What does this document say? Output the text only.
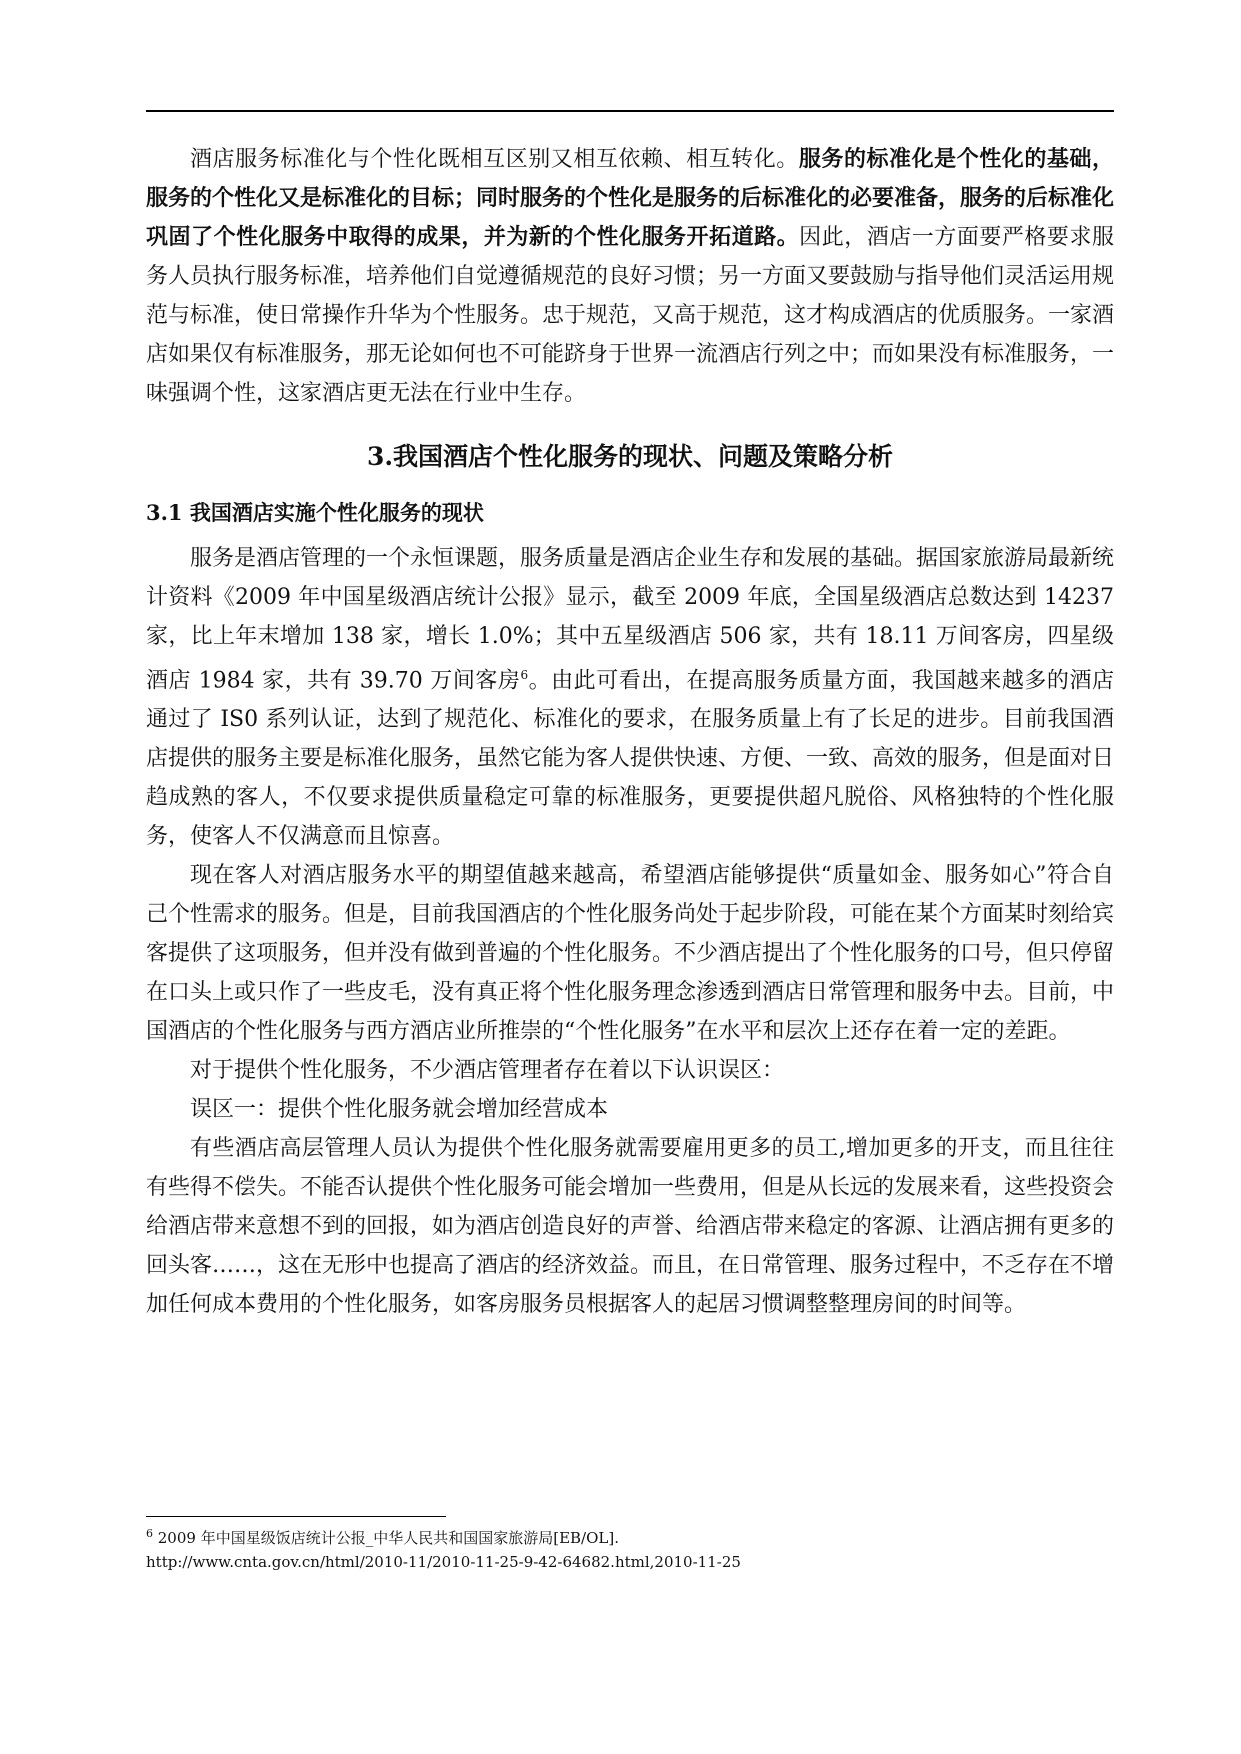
酒店服务标准化与个性化既相互区别又相互依赖、相互转化。服务的标准化是个性化的基础，服务的个性化又是标准化的目标；同时服务的个性化是服务的后标准化的必要准备，服务的后标准化巩固了个性化服务中取得的成果，并为新的个性化服务开拓道路。因此，酒店一方面要严格要求服务人员执行服务标准，培养他们自觉遵循规范的良好习惯；另一方面又要鼓励与指导他们灵活运用规范与标准，使日常操作升华为个性服务。忠于规范，又高于规范，这才构成酒店的优质服务。一家酒店如果仅有标准服务，那无论如何也不可能跻身于世界一流酒店行列之中；而如果没有标准服务，一味强调个性，这家酒店更无法在行业中生存。

3.我国酒店个性化服务的现状、问题及策略分析
3.1 我国酒店实施个性化服务的现状

服务是酒店管理的一个永恒课题，服务质量是酒店企业生存和发展的基础。据国家旅游局最新统计资料《2009 年中国星级酒店统计公报》显示，截至 2009 年底，全国星级酒店总数达到 14237 家，比上年末增加 138 家，增长 1.0%；其中五星级酒店 506 家，共有 18.11 万间客房，四星级酒店 1984 家，共有 39.70 万间客房$^6$。由此可看出，在提高服务质量方面，我国越来越多的酒店通过了 IS0 系列认证，达到了规范化、标准化的要求，在服务质量上有了长足的进步。目前我国酒店提供的服务主要是标准化服务，虽然它能为客人提供快速、方便、一致、高效的服务，但是面对日趋成熟的客人，不仅要求提供质量稳定可靠的标准服务，更要提供超凡脱俗、风格独特的个性化服务，使客人不仅满意而且惊喜。

现在客人对酒店服务水平的期望值越来越高，希望酒店能够提供“质量如金、服务如心”符合自己个性需求的服务。但是，目前我国酒店的个性化服务尚处于起步阶段，可能在某个方面某时刻给宾客提供了这项服务，但并没有做到普遍的个性化服务。不少酒店提出了个性化服务的口号，但只停留在口头上或只作了一些皮毛，没有真正将个性化服务理念渗透到酒店日常管理和服务中去。目前，中国酒店的个性化服务与西方酒店业所推崇的“个性化服务”在水平和层次上还存在着一定的差距。

对于提供个性化服务，不少酒店管理者存在着以下认识误区：

误区一：提供个性化服务就会增加经营成本

有些酒店高层管理人员认为提供个性化服务就需要雇用更多的员工,增加更多的开支，而且往往有些得不偿失。不能否认提供个性化服务可能会增加一些费用，但是从长远的发展来看，这些投资会给酒店带来意想不到的回报，如为酒店创造良好的声誉、给酒店带来稳定的客源、让酒店拥有更多的回头客……，这在无形中也提高了酒店的经济效益。而且，在日常管理、服务过程中，不乏存在不增加任何成本费用的个性化服务，如客房服务员根据客人的起居习惯调整整理房间的时间等。

$^6$ 2009 年中国星级饭店统计公报_中华人民共和国国家旅游局[EB/OL].
http://www.cnta.gov.cn/html/2010-11/2010-11-25-9-42-64682.html,2010-11-25
